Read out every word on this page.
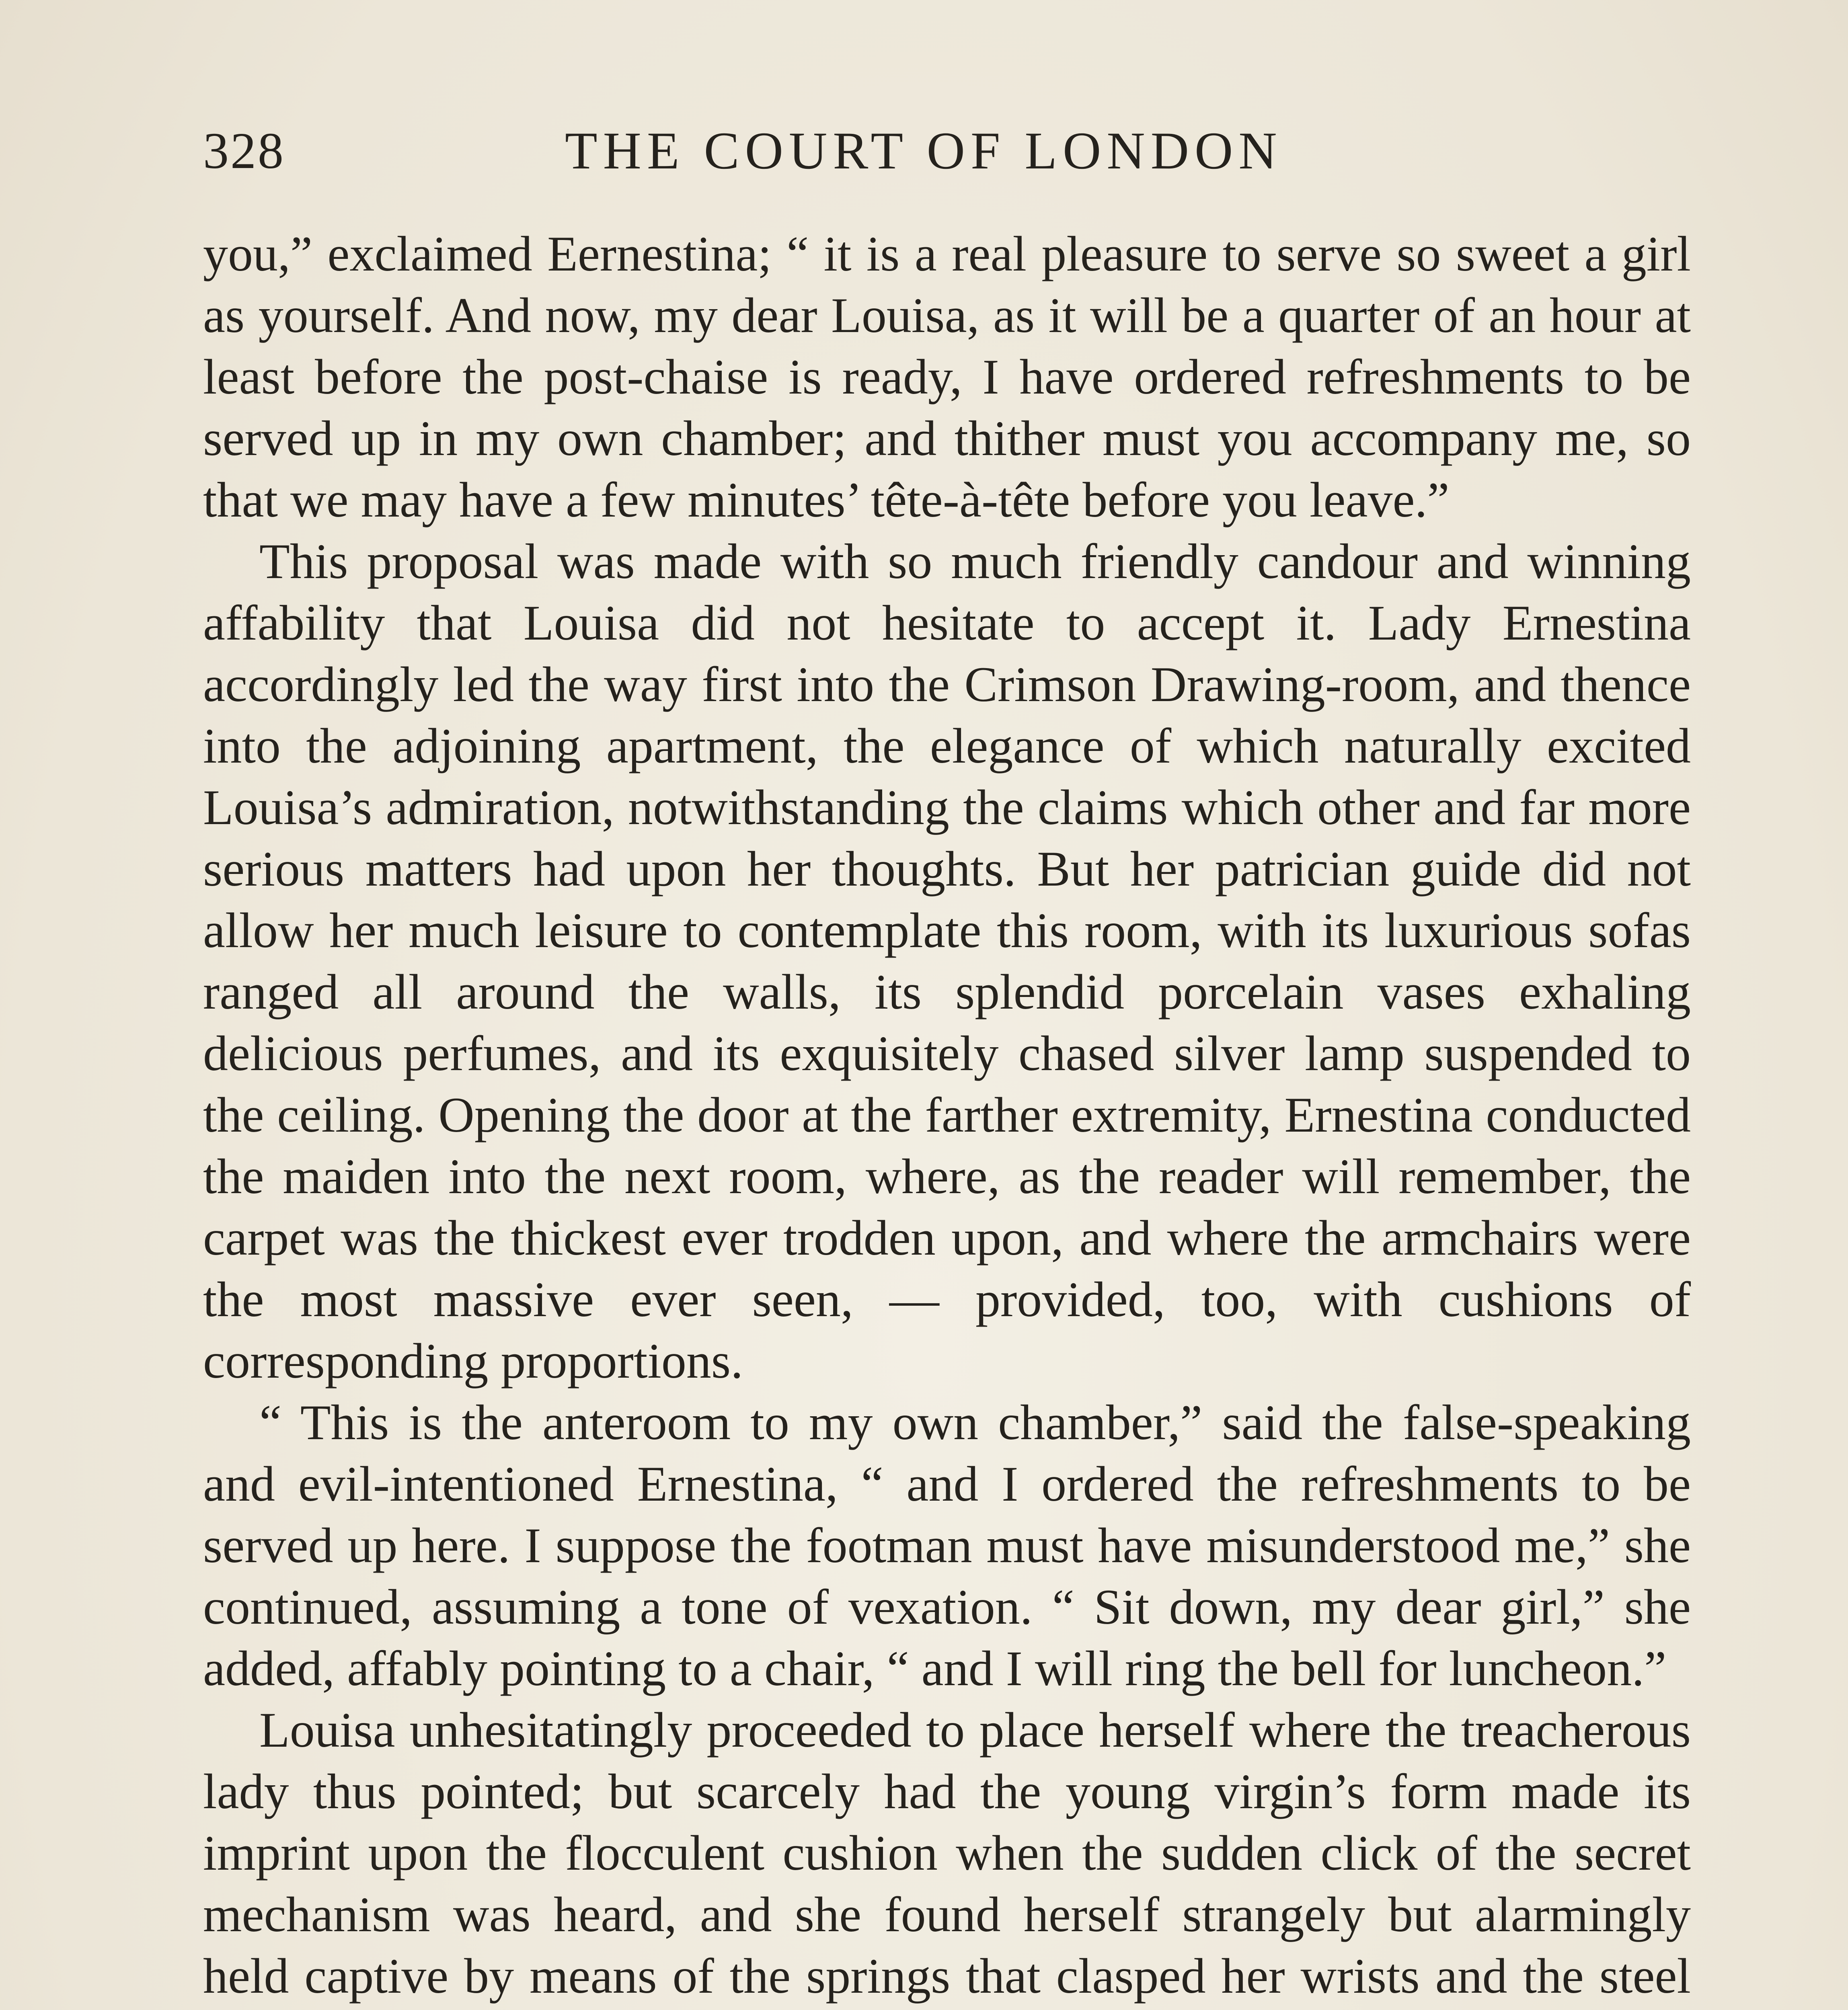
328	THE COURT OF LONDON

you,” exclaimed Eernestina; “ it is a real pleasure to serve so sweet a girl as yourself. And now, my dear Louisa, as it will be a quarter of an hour at least before the post-chaise is ready, I have ordered refreshments to be served up in my own chamber; and thither must you accompany me, so that we may have a few minutes’ tête-à-tête before you leave.”

This proposal was made with so much friendly candour and winning affability that Louisa did not hesitate to accept it. Lady Ernestina accordingly led the way first into the Crimson Drawing-room, and thence into the adjoining apartment, the elegance of which naturally excited Louisa’s admiration, notwithstanding the claims which other and far more serious matters had upon her thoughts. But her patrician guide did not allow her much leisure to contemplate this room, with its luxurious sofas ranged all around the walls, its splendid porcelain vases exhaling delicious perfumes, and its exquisitely chased silver lamp suspended to the ceiling. Opening the door at the farther extremity, Ernestina conducted the maiden into the next room, where, as the reader will remember, the carpet was the thickest ever trodden upon, and where the armchairs were the most massive ever seen, — provided, too, with cushions of corresponding proportions.

“ This is the anteroom to my own chamber,” said the false-speaking and evil-intentioned Ernestina, “ and I ordered the refreshments to be served up here. I suppose the footman must have misunderstood me,” she continued, assuming a tone of vexation. “ Sit down, my dear girl,” she added, affably pointing to a chair, “ and I will ring the bell for luncheon.”

Louisa unhesitatingly proceeded to place herself where the treacherous lady thus pointed; but scarcely had the young virgin’s form made its imprint upon the flocculent cushion when the sudden click of the secret mechanism was heard, and she found herself strangely but alarmingly held captive by means of the springs that clasped her wrists and the steel
